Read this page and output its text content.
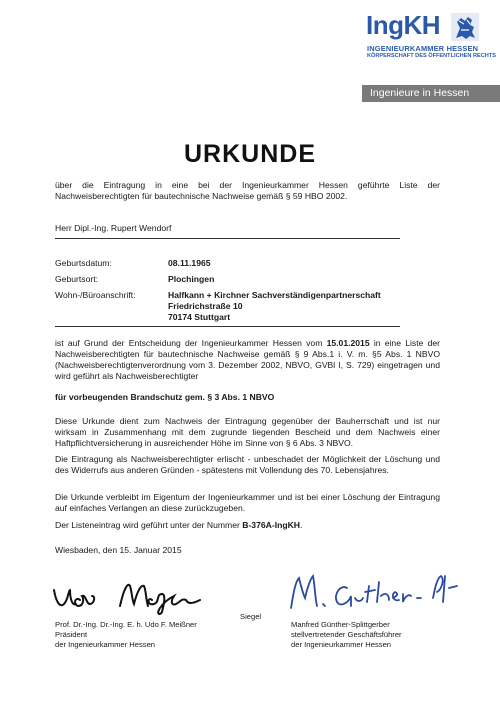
IngKH
INGENIEURKAMMER HESSEN
KÖRPERSCHAFT DES ÖFFENTLICHEN RECHTS
Ingenieure in Hessen
URKUNDE
über die Eintragung in eine bei der Ingenieurkammer Hessen geführte Liste der Nachweisberechtigten für bautechnische Nachweise gemäß § 59 HBO 2002.
Herr Dipl.-Ing. Rupert Wendorf
Geburtsdatum:	08.11.1965
Geburtsort:	Plochingen
Wohn-/Büroanschrift:	Halfkann + Kirchner Sachverständigenpartnerschaft
Friedrichstraße 10
70174 Stuttgart
ist auf Grund der Entscheidung der Ingenieurkammer Hessen vom 15.01.2015 in eine Liste der Nachweisberechtigten für bautechnische Nachweise gemäß § 9 Abs.1 i. V. m. §5 Abs. 1 NBVO (Nachweisberechtigtenverordnung vom 3. Dezember 2002, NBVO, GVBl I, S. 729) eingetragen und wird geführt als Nachweisberechtigter
für vorbeugenden Brandschutz gem. § 3 Abs. 1 NBVO
Diese Urkunde dient zum Nachweis der Eintragung gegenüber der Bauherrschaft und ist nur wirksam in Zusammenhang mit dem zugrunde liegenden Bescheid und dem Nachweis einer Haftpflichtversicherung in ausreichender Höhe im Sinne von § 6 Abs. 3 NBVO.
Die Eintragung als Nachweisberechtigter erlischt - unbeschadet der Möglichkeit der Löschung und des Widerrufs aus anderen Gründen - spätestens mit Vollendung des 70. Lebensjahres.
Die Urkunde verbleibt im Eigentum der Ingenieurkammer und ist bei einer Löschung der Eintragung auf einfaches Verlangen an diese zurückzugeben.
Der Listeneintrag wird geführt unter der Nummer B-376A-IngKH.
Wiesbaden, den 15. Januar 2015
Siegel
Prof. Dr.-Ing. Dr.-Ing. E. h. Udo F. Meißner
Präsident
der Ingenieurkammer Hessen
Manfred Günther-Splittgerber
stellvertretender Geschäftsführer
der Ingenieurkammer Hessen
